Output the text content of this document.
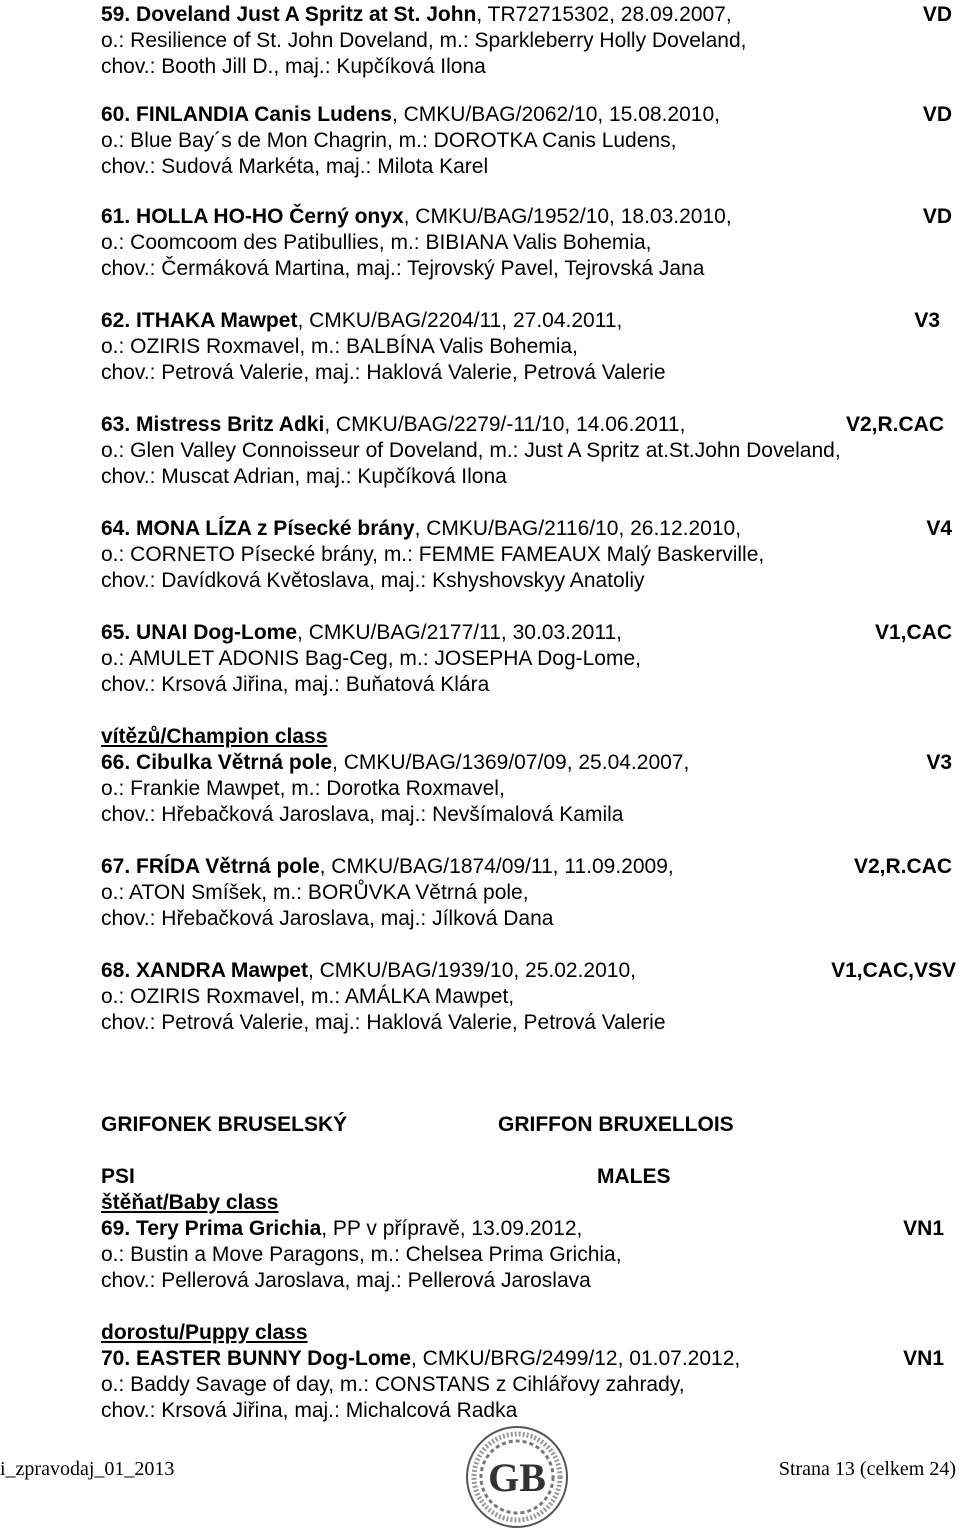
59. Doveland Just A Spritz at St. John, TR72715302, 28.09.2007,	VD
o.: Resilience of St. John Doveland, m.: Sparkleberry Holly Doveland,
chov.: Booth Jill D., maj.: Kupčíková Ilona
60. FINLANDIA Canis Ludens, CMKU/BAG/2062/10, 15.08.2010,	VD
o.: Blue Bay´s de Mon Chagrin, m.: DOROTKA Canis Ludens,
chov.: Sudová Markéta, maj.: Milota Karel
61. HOLLA HO-HO Černý onyx, CMKU/BAG/1952/10, 18.03.2010,	VD
o.: Coomcoom des Patibullies, m.: BIBIANA Valis Bohemia,
chov.: Čermáková Martina, maj.: Tejrovský Pavel, Tejrovská Jana
62. ITHAKA Mawpet, CMKU/BAG/2204/11, 27.04.2011,	V3
o.: OZIRIS Roxmavel, m.: BALBÍNA Valis Bohemia,
chov.: Petrová Valerie, maj.: Haklová Valerie, Petrová Valerie
63. Mistress Britz Adki, CMKU/BAG/2279/-11/10, 14.06.2011,	V2,R.CAC
o.: Glen Valley Connoisseur of Doveland, m.: Just A Spritz at.St.John Doveland,
chov.: Muscat Adrian, maj.: Kupčíková Ilona
64. MONA LÍZA z Písecké brány, CMKU/BAG/2116/10, 26.12.2010,	V4
o.: CORNETO Písecké brány, m.: FEMME FAMEAUX Malý Baskerville,
chov.: Davídková Květoslava, maj.: Kshyshovskyy Anatoliy
65. UNAI Dog-Lome, CMKU/BAG/2177/11, 30.03.2011,	V1,CAC
o.: AMULET ADONIS Bag-Ceg, m.: JOSEPHA Dog-Lome,
chov.: Krsová Jiřina, maj.: Buňatová Klára
vítězů/Champion class
66. Cibulka Větrná pole, CMKU/BAG/1369/07/09, 25.04.2007,	V3
o.: Frankie Mawpet, m.: Dorotka Roxmavel,
chov.: Hřebačková Jaroslava, maj.: Nevšímalová Kamila
67. FRÍDA Větrná pole, CMKU/BAG/1874/09/11, 11.09.2009,	V2,R.CAC
o.: ATON Smíšek, m.: BORŮVKA Větrná pole,
chov.: Hřebačková Jaroslava, maj.: Jílková Dana
68. XANDRA Mawpet, CMKU/BAG/1939/10, 25.02.2010,	V1,CAC,VSV
o.: OZIRIS Roxmavel, m.: AMÁLKA Mawpet,
chov.: Petrová Valerie, maj.: Haklová Valerie, Petrová Valerie
GRIFONEK BRUSELSKÝ	GRIFFON BRUXELLOIS
PSI	MALES
štěňat/Baby class
69. Tery Prima Grichia, PP v přípravě, 13.09.2012,	VN1
o.: Bustin a Move Paragons, m.: Chelsea Prima Grichia,
chov.: Pellerová Jaroslava, maj.: Pellerová Jaroslava
dorostu/Puppy class
70. EASTER BUNNY Dog-Lome, CMKU/BRG/2499/12, 01.07.2012,	VN1
o.: Baddy Savage of day, m.: CONSTANS z Cihlářovy zahrady,
chov.: Krsová Jiřina, maj.: Michalcová Radka
i_zpravodaj_01_2013	Strana 13 (celkem 24)
GB
